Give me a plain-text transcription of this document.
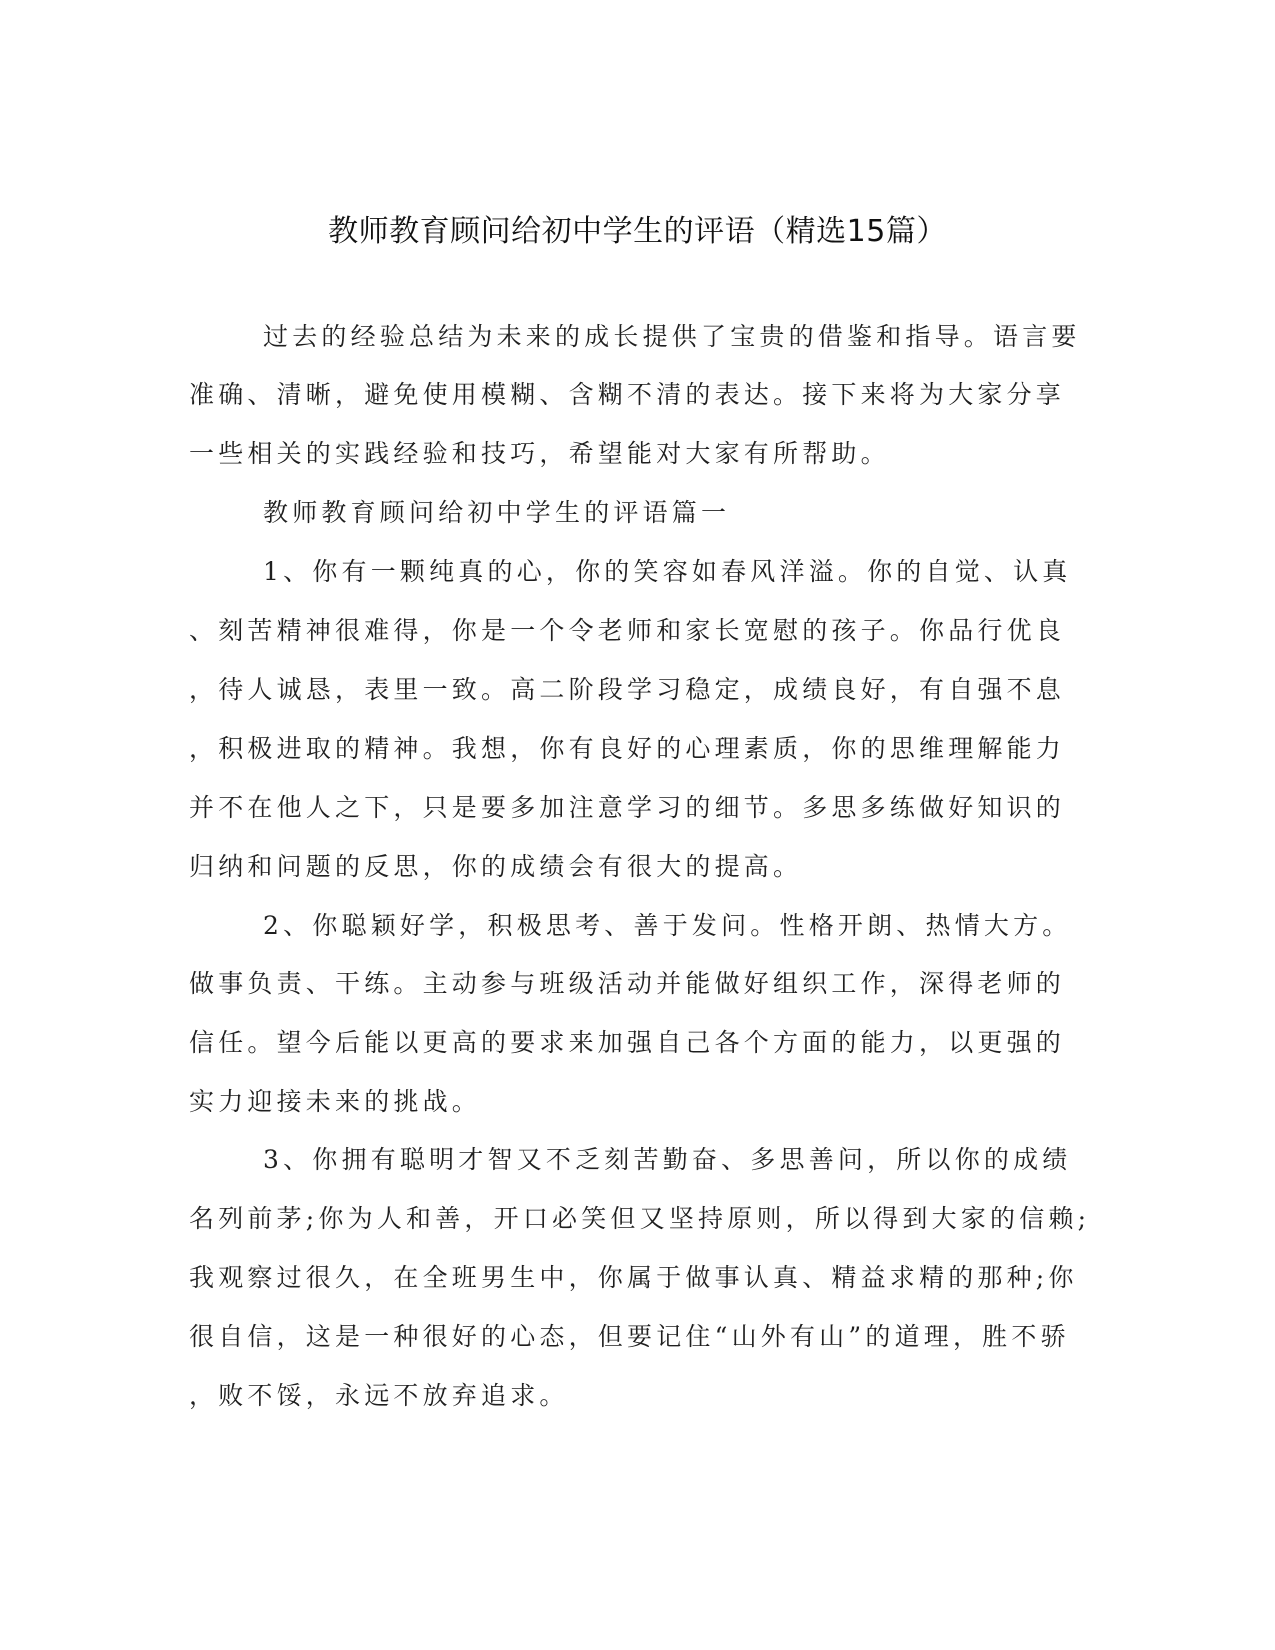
教师教育顾问给初中学生的评语（精选15篇）
过去的经验总结为未来的成长提供了宝贵的借鉴和指导。语言要
准确、清晰，避免使用模糊、含糊不清的表达。接下来将为大家分享
一些相关的实践经验和技巧，希望能对大家有所帮助。
教师教育顾问给初中学生的评语篇一
1、你有一颗纯真的心，你的笑容如春风洋溢。你的自觉、认真
、刻苦精神很难得，你是一个令老师和家长宽慰的孩子。你品行优良
，待人诚恳，表里一致。高二阶段学习稳定，成绩良好，有自强不息
，积极进取的精神。我想，你有良好的心理素质，你的思维理解能力
并不在他人之下，只是要多加注意学习的细节。多思多练做好知识的
归纳和问题的反思，你的成绩会有很大的提高。
2、你聪颖好学，积极思考、善于发问。性格开朗、热情大方。
做事负责、干练。主动参与班级活动并能做好组织工作，深得老师的
信任。望今后能以更高的要求来加强自己各个方面的能力，以更强的
实力迎接未来的挑战。
3、你拥有聪明才智又不乏刻苦勤奋、多思善问，所以你的成绩
名列前茅;你为人和善，开口必笑但又坚持原则，所以得到大家的信赖;
我观察过很久，在全班男生中，你属于做事认真、精益求精的那种;你
很自信，这是一种很好的心态，但要记住“山外有山”的道理，胜不骄
，败不馁，永远不放弃追求。
